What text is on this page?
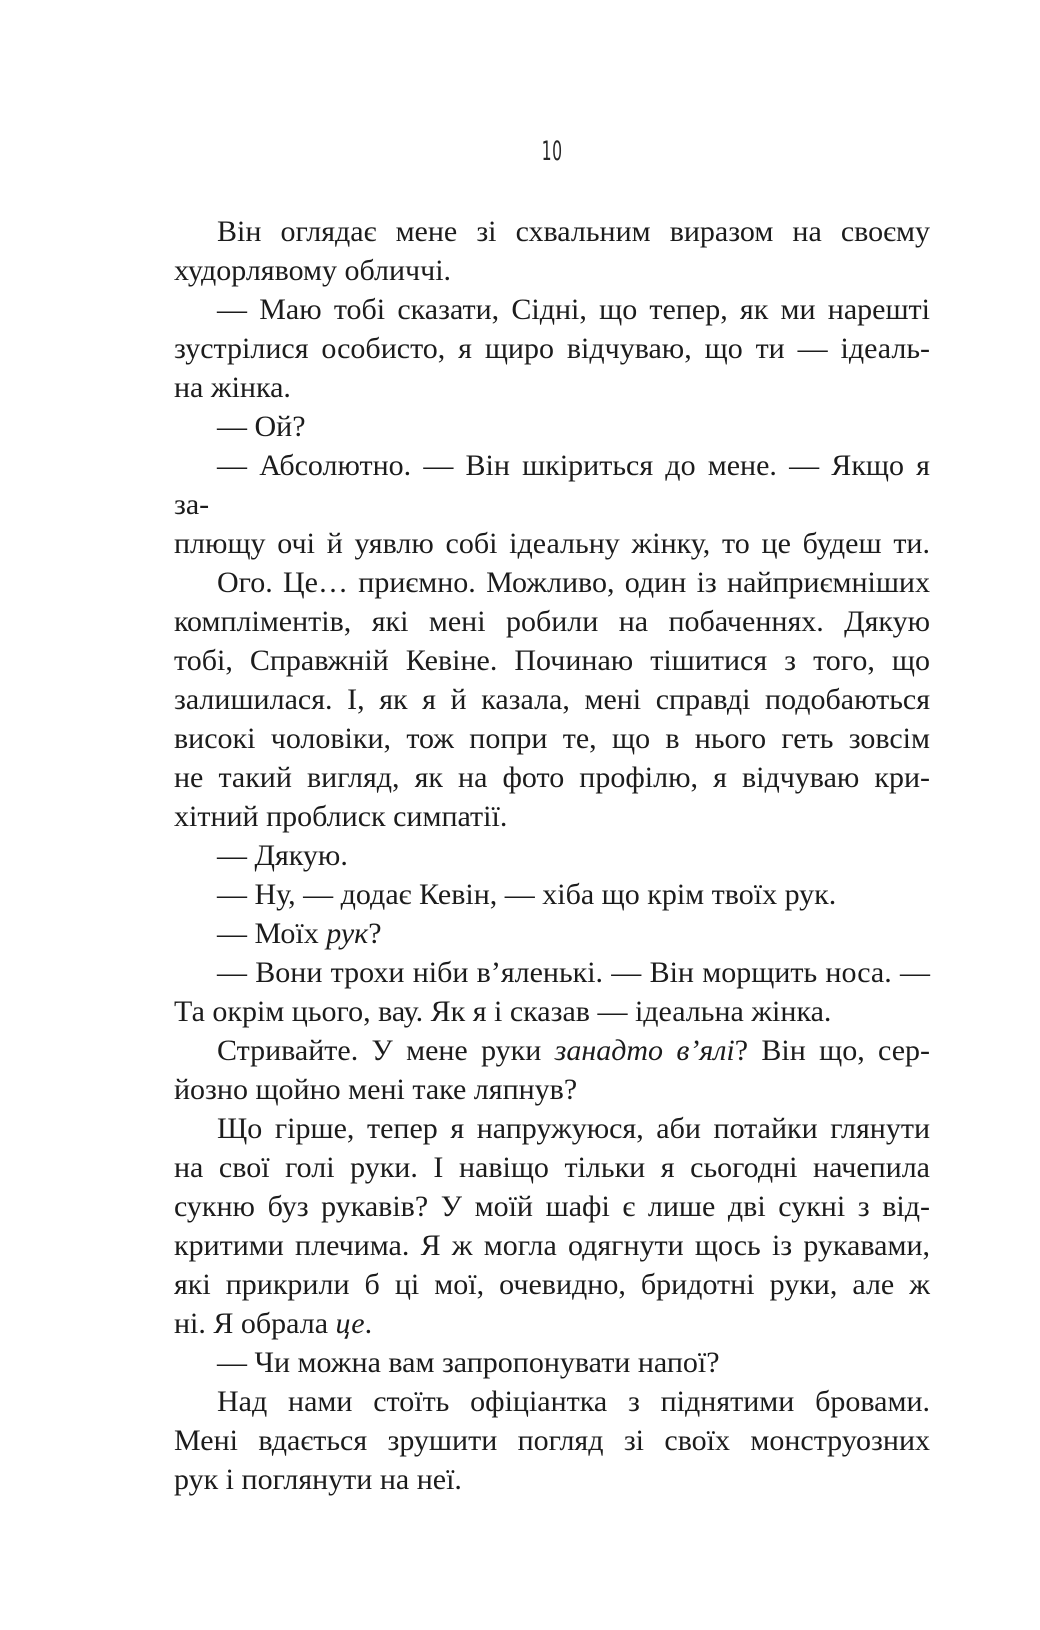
10
Він оглядає мене зі схвальним виразом на своєму
худорлявому обличчі.
— Маю тобі сказати, Сідні, що тепер, як ми нарешті
зустрілися особисто, я щиро відчуваю, що ти — ідеаль-
на жінка.
— Ой?
— Абсолютно. — Він шкіриться до мене. — Якщо я за-
плющу очі й уявлю собі ідеальну жінку, то це будеш ти.
Ого. Це… приємно. Можливо, один із найприємніших
компліментів, які мені робили на побаченнях. Дякую
тобі, Справжній Кевіне. Починаю тішитися з того, що
залишилася. І, як я й казала, мені справді подобаються
високі чоловіки, тож попри те, що в нього геть зовсім
не такий вигляд, як на фото профілю, я відчуваю кри-
хітний проблиск симпатії.
— Дякую.
— Ну, — додає Кевін, — хіба що крім твоїх рук.
— Моїх рук?
— Вони трохи ніби в’яленькі. — Він морщить носа. —
Та окрім цього, вау. Як я і сказав — ідеальна жінка.
Стривайте. У мене руки занадто в’ялі? Він що, сер-
йозно щойно мені таке ляпнув?
Що гірше, тепер я напружуюся, аби потайки глянути
на свої голі руки. І навіщо тільки я сьогодні начепила
сукню буз рукавів? У моїй шафі є лише дві сукні з від-
критими плечима. Я ж могла одягнути щось із рукавами,
які прикрили б ці мої, очевидно, бридотні руки, але ж
ні. Я обрала це.
— Чи можна вам запропонувати напої?
Над нами стоїть офіціантка з піднятими бровами.
Мені вдається зрушити погляд зі своїх монструозних
рук і поглянути на неї.
